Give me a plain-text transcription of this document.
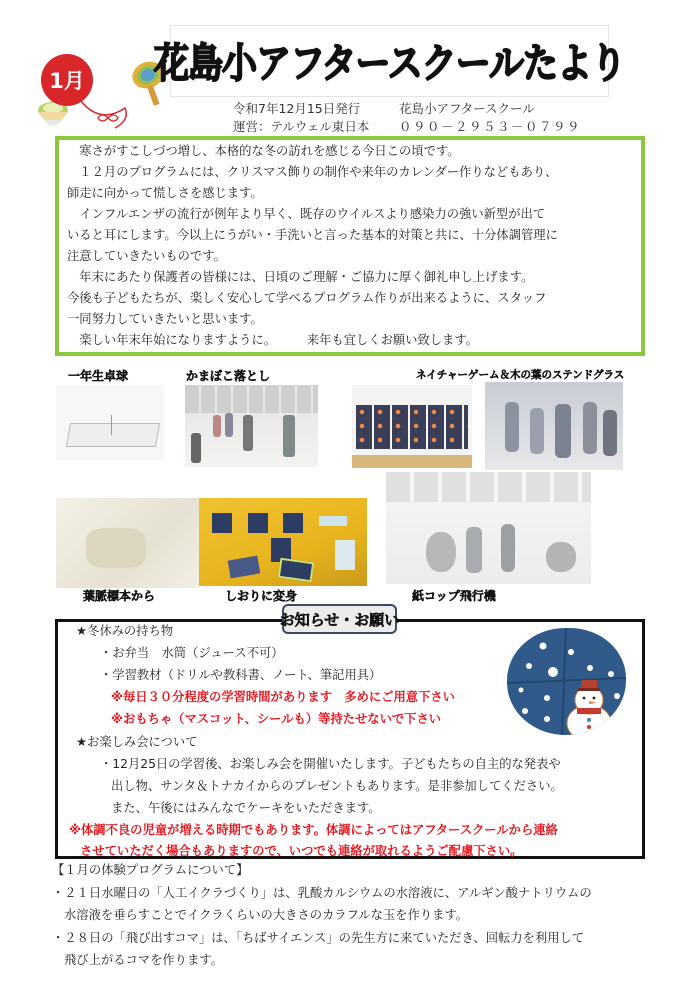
1月 花島小アフタースクールたより
令和7年12月15日発行	花島小アフタースクール
運営：テルウェル東日本 ０９０－２９５３－０７９９
　寒さがすこしづつ増し、本格的な冬の訪れを感じる今日この頃です。
　１２月のプログラムには、クリスマス飾りの制作や来年のカレンダー作りなどもあり、
師走に向かって慌しさを感じます。
　インフルエンザの流行が例年より早く、既存のウイルスより感染力の強い新型が出て
いると耳にします。今以上にうがい・手洗いと言った基本的対策と共に、十分体調管理に
注意していきたいものです。
　年末にあたり保護者の皆様には、日頃のご理解・ご協力に厚く御礼申し上げます。
今後も子どもたちが、楽しく安心して学べるプログラム作りが出来るように、スタッフ
一同努力していきたいと思います。
　楽しい年末年始になりますように。　　　来年も宜しくお願い致します。
一年生卓球	かまぼこ落とし	ネイチャーゲーム＆木の葉のステンドグラス
葉脈標本から	しおりに変身	紙コップ飛行機
お知らせ・お願い
★冬休みの持ち物
・お弁当　水筒（ジュース不可）
・学習教材（ドリルや教科書、ノート、筆記用具）
※毎日３０分程度の学習時間があります　多めにご用意下さい
※おもちゃ（マスコット、シールも）等持たせないで下さい
★お楽しみ会について
・12月25日の学習後、お楽しみ会を開催いたします。子どもたちの自主的な発表や
出し物、サンタ＆トナカイからのプレゼントもあります。是非参加してください。
また、午後にはみんなでケーキをいただきます。
※体調不良の児童が増える時期でもあります。体調によってはアフタースクールから連絡
させていただく場合もありますので、いつでも連絡が取れるようご配慮下さい。
【１月の体験プログラムについて】
・２１日水曜日の「人工イクラづくり」は、乳酸カルシウムの水溶液に、アルギン酸ナトリウムの
水溶液を垂らすことでイクラくらいの大きさのカラフルな玉を作ります。
・２８日の「飛び出すコマ」は、「ちばサイエンス」の先生方に来ていただき、回転力を利用して
飛び上がるコマを作ります。
